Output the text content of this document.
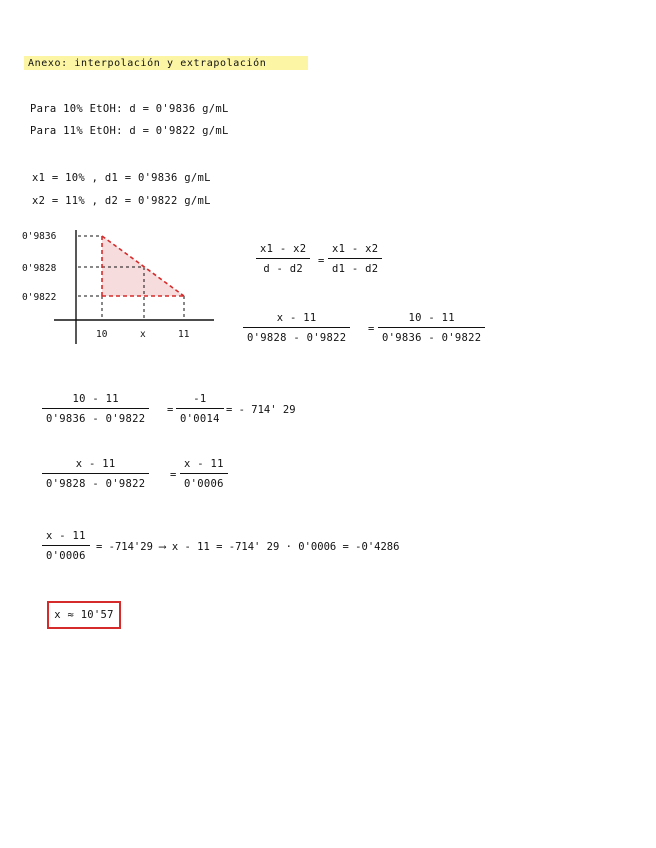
Anexo: interpolación y extrapolación
Para 10% EtOH: d = 0'9836 g/mL
Para 11% EtOH: d = 0'9822 g/mL
x1 = 10% , d1 = 0'9836 g/mL
x2 = 11% , d2 = 0'9822 g/mL
0'9836
0'9828
0'9822
10	x	11
x1 - x2
d - d2
=
x1 - x2
d1 - d2
x - 11
0'9828 - 0'9822
=
10 - 11
0'9836 - 0'9822
10 - 11
0'9836 - 0'9822
=
-1
0'0014
= - 714' 29
x - 11
0'9828 - 0'9822
=
x - 11
0'0006
x - 11
0'0006
= -714'29 ⟶ x - 11 = -714' 29 · 0'0006 = -0'4286
x ≈ 10'57
